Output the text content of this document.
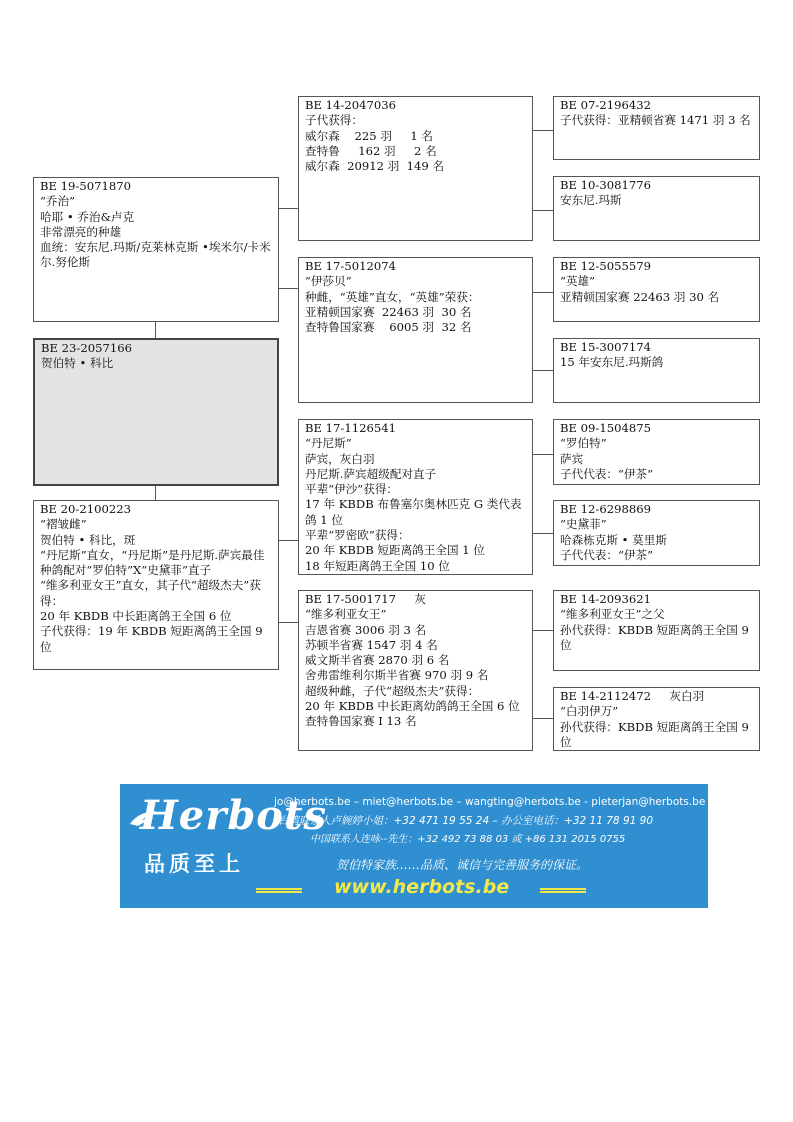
BE 19-5071870
“乔治”
哈耶 • 乔治&卢克
非常漂亮的种雄
血统：安东尼.玛斯/克莱林克斯 •埃米尔/卡米尔.努伦斯
BE 23-2057166
贺伯特 • 科比
BE 20-2100223
“褶皱雌”
贺伯特 • 科比，斑
“丹尼斯”直女，“丹尼斯”是丹尼斯.萨宾最佳种鸽配对“罗伯特”X“史黛菲”直子
“维多利亚女王”直女，其子代“超级杰夫”获得：
20 年 KBDB 中长距离鸽王全国 6 位
子代获得：19 年 KBDB 短距离鸽王全国 9 位
BE 14-2047036
子代获得：
威尔森    225 羽     1 名
查特鲁     162 羽     2 名
威尔森  20912 羽  149 名
BE 17-5012074
“伊莎贝”
种雌，“英雄”直女，“英雄”荣获：
亚精顿国家赛  22463 羽  30 名
查特鲁国家赛    6005 羽  32 名
BE 17-1126541
“丹尼斯”
萨宾，灰白羽
丹尼斯.萨宾超级配对直子
平辈“伊沙”获得：
17 年 KBDB 布鲁塞尔奥林匹克 G 类代表鸽 1 位
平辈“罗密欧”获得：
20 年 KBDB 短距离鸽王全国 1 位
18 年短距离鸽王全国 10 位
BE 17-5001717     灰
“维多利亚女王”
吉恩省赛 3006 羽 3 名
苏顿半省赛 1547 羽 4 名
威文斯半省赛 2870 羽 6 名
舍弗雷维利尔斯半省赛 970 羽 9 名
超级种雌，子代“超级杰夫”获得：
20 年 KBDB 中长距离幼鸽鸽王全国 6 位
查特鲁国家赛 Ⅰ 13 名
BE 07-2196432
子代获得：亚精顿省赛 1471 羽 3 名
BE 10-3081776
安东尼.玛斯
BE 12-5055579
“英雄”
亚精顿国家赛 22463 羽 30 名
BE 15-3007174
15 年安东尼.玛斯鸽
BE 09-1504875
“罗伯特”
萨宾
子代代表：“伊茶”
BE 12-6298869
“史黛菲”
哈森栋克斯 • 莫里斯
子代代表：“伊茶”
BE 14-2093621
“维多利亚女王”之父
孙代获得：KBDB 短距离鸽王全国 9 位
BE 14-2112472     灰白羽
“白羽伊万”
孙代获得：KBDB 短距离鸽王全国 9 位
Herbots
品质至上
jo@herbots.be – miet@herbots.be – wangting@herbots.be - pieterjan@herbots.be
台湾联系人卢婉婷小姐：+32 471 19 55 24 – 办公室电话：+32 11 78 91 90
中国联系人连咏--先生：+32 492 73 88 03 或 +86 131 2015 0755
贺伯特家族……品质、诚信与完善服务的保证。
www.herbots.be
